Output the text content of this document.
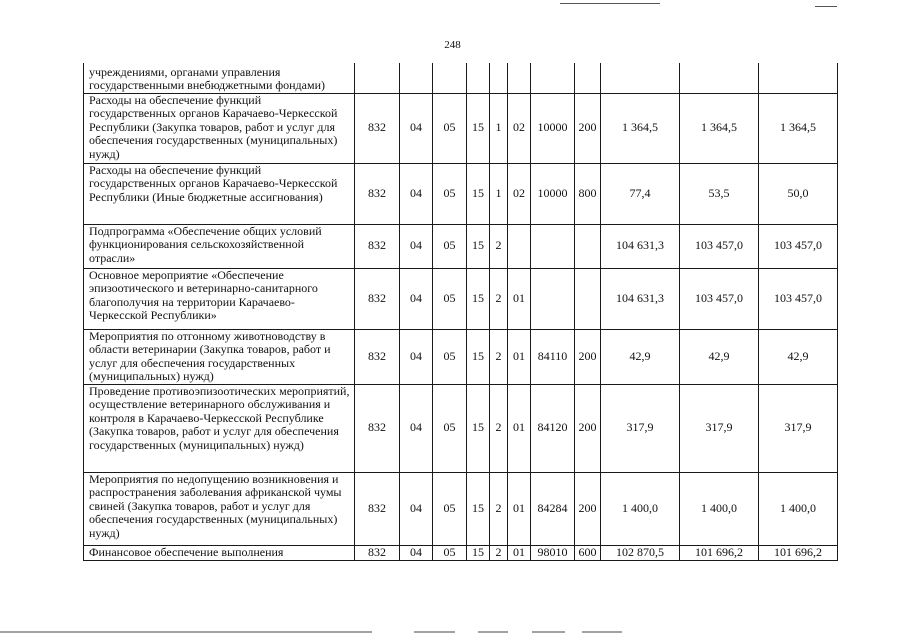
248
учреждениями, органами управления государственными внебюджетными фондами)											
Расходы на обеспечение функций государственных органов Карачаево-Черкесской Республики (Закупка товаров, работ и услуг для обеспечения государственных (муниципальных) нужд)	832	04	05	15	1	02	10000	200	1 364,5	1 364,5	1 364,5
Расходы на обеспечение функций государственных органов Карачаево-Черкесской Республики (Иные бюджетные ассигнования)	832	04	05	15	1	02	10000	800	77,4	53,5	50,0
Подпрограмма «Обеспечение общих условий функционирования сельскохозяйственной отрасли»	832	04	05	15	2				104 631,3	103 457,0	103 457,0
Основное мероприятие «Обеспечение эпизоотического и ветеринарно-санитарного благополучия на территории Карачаево-Черкесской Республики»	832	04	05	15	2	01			104 631,3	103 457,0	103 457,0
Мероприятия по отгонному животноводству в области ветеринарии (Закупка товаров, работ и услуг для обеспечения государственных (муниципальных) нужд)	832	04	05	15	2	01	84110	200	42,9	42,9	42,9
Проведение противоэпизоотических мероприятий, осуществление ветеринарного обслуживания и контроля в Карачаево-Черкесской Республике (Закупка товаров, работ и услуг для обеспечения государственных (муниципальных) нужд)	832	04	05	15	2	01	84120	200	317,9	317,9	317,9
Мероприятия по недопущению возникновения и распространения заболевания африканской чумы свиней (Закупка товаров, работ и услуг для обеспечения государственных (муниципальных) нужд)	832	04	05	15	2	01	84284	200	1 400,0	1 400,0	1 400,0
Финансовое обеспечение выполнения	832	04	05	15	2	01	98010	600	102 870,5	101 696,2	101 696,2
